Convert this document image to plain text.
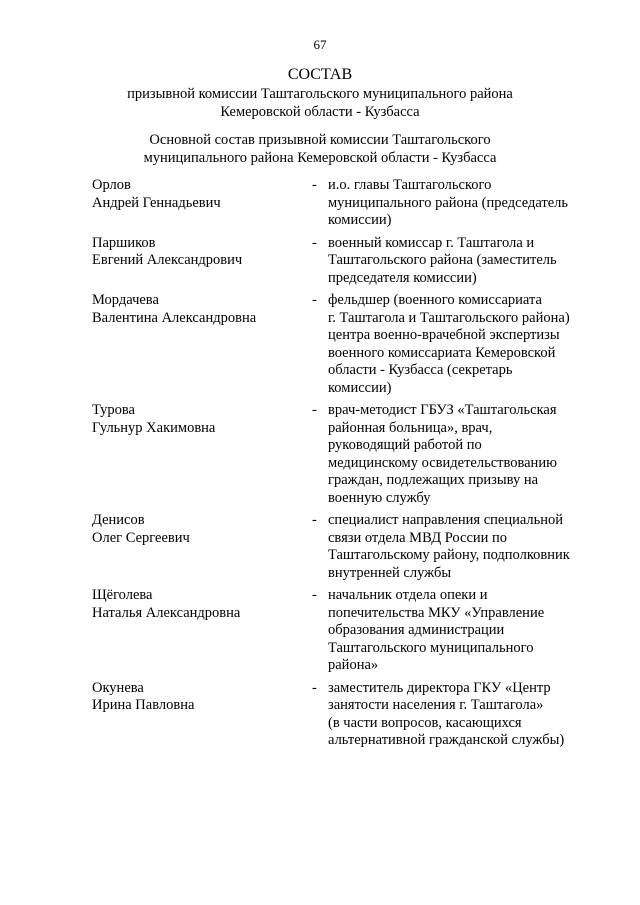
67
СОСТАВ
призывной комиссии Таштагольского муниципального района
Кемеровской области - Кузбасса
Основной состав призывной комиссии Таштагольского
муниципального района Кемеровской области - Кузбасса
Орлов
Андрей Геннадьевич
- и.о. главы Таштагольского
муниципального района (председатель
комиссии)
Паршиков
Евгений Александрович
- военный комиссар г. Таштагола и
Таштагольского района (заместитель
председателя комиссии)
Мордачева
Валентина Александровна
- фельдшер (военного комиссариата
г. Таштагола и Таштагольского района)
центра военно-врачебной экспертизы
военного комиссариата Кемеровской
области - Кузбасса (секретарь
комиссии)
Турова
Гульнур Хакимовна
- врач-методист ГБУЗ «Таштагольская
районная больница», врач,
руководящий работой по
медицинскому освидетельствованию
граждан, подлежащих призыву на
военную службу
Денисов
Олег Сергеевич
- специалист направления специальной
связи отдела МВД России по
Таштагольскому району, подполковник
внутренней службы
Щёголева
Наталья Александровна
- начальник отдела опеки и
попечительства МКУ «Управление
образования администрации
Таштагольского муниципального
района»
Окунева
Ирина Павловна
- заместитель директора ГКУ «Центр
занятости населения г. Таштагола»
(в части вопросов, касающихся
альтернативной гражданской службы)
